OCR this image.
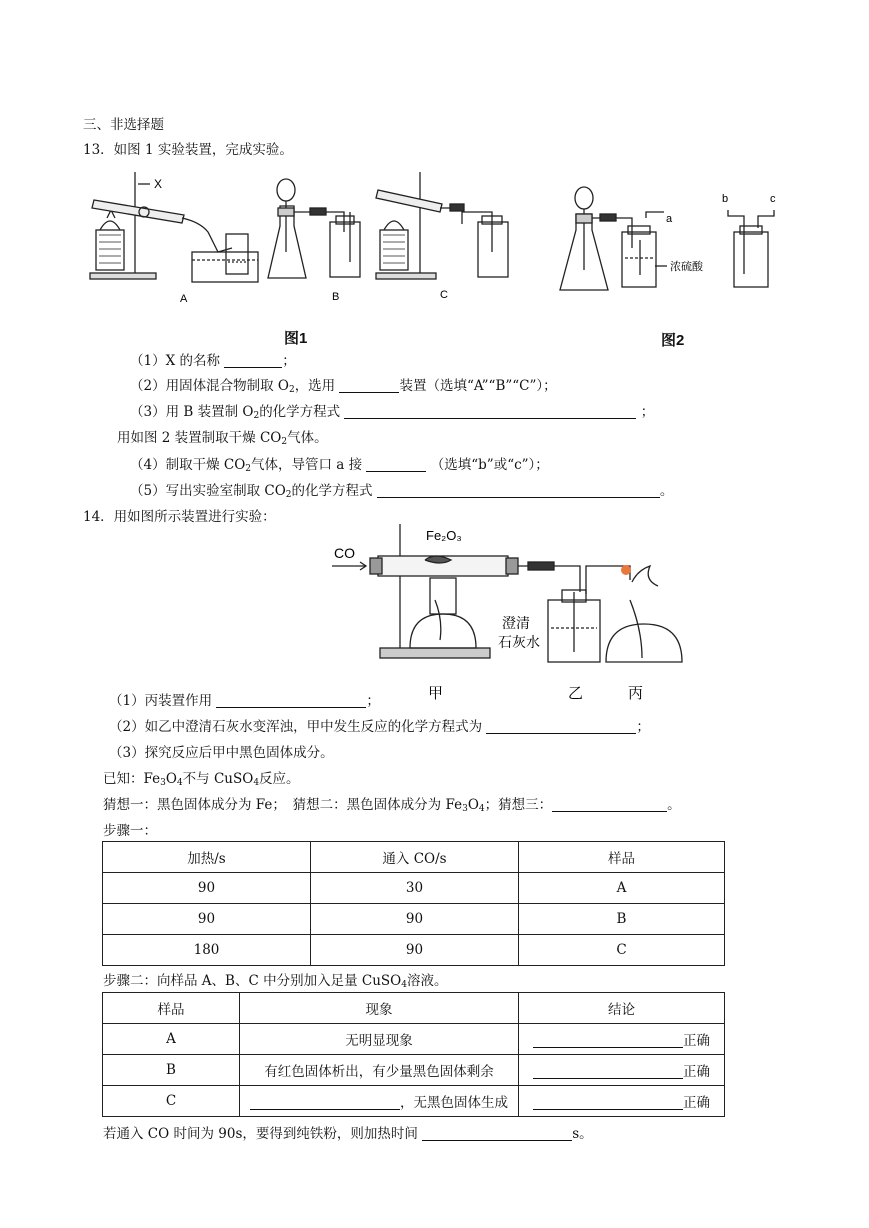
三、非选择题
13．如图 1 实验装置，完成实验。
X
A	B	C
a
b	c
浓硫酸
图1	图2
（1）X 的名称	；
（2）用固体混合物制取 $O_2$，选用	装置（选填“A”“B”“C”）；
（3）用 B 装置制 $O_2$的化学方程式	；
用如图 2 装置制取干燥 $CO_2$气体。
（4）制取干燥 $CO_2$气体，导管口 a 接	（选填“b”或“c”）；
（5）写出实验室制取 $CO_2$的化学方程式	。
14．用如图所示装置进行实验：
CO
Fe₂O₃
澄清
石灰水
甲	乙	丙
（1）丙装置作用	；
（2）如乙中澄清石灰水变浑浊，甲中发生反应的化学方程式为	；
（3）探究反应后甲中黑色固体成分。
已知：$Fe_3O_4$不与 CuSO$_4$反应。
猜想一：黑色固体成分为 Fe；　猜想二：黑色固体成分为 $Fe_3O_4$；猜想三：	。
步骤一：
加热/s	通入 CO/s	样品
90	30	A
90	90	B
180	90	C
步骤二：向样品 A、B、C 中分别加入足量 CuSO$_4$溶液。
样品	现象	结论
A	无明显现象	正确
B	有红色固体析出，有少量黑色固体剩余	正确
C	，无黑色固体生成	正确
若通入 CO 时间为 90s，要得到纯铁粉，则加热时间	s。
